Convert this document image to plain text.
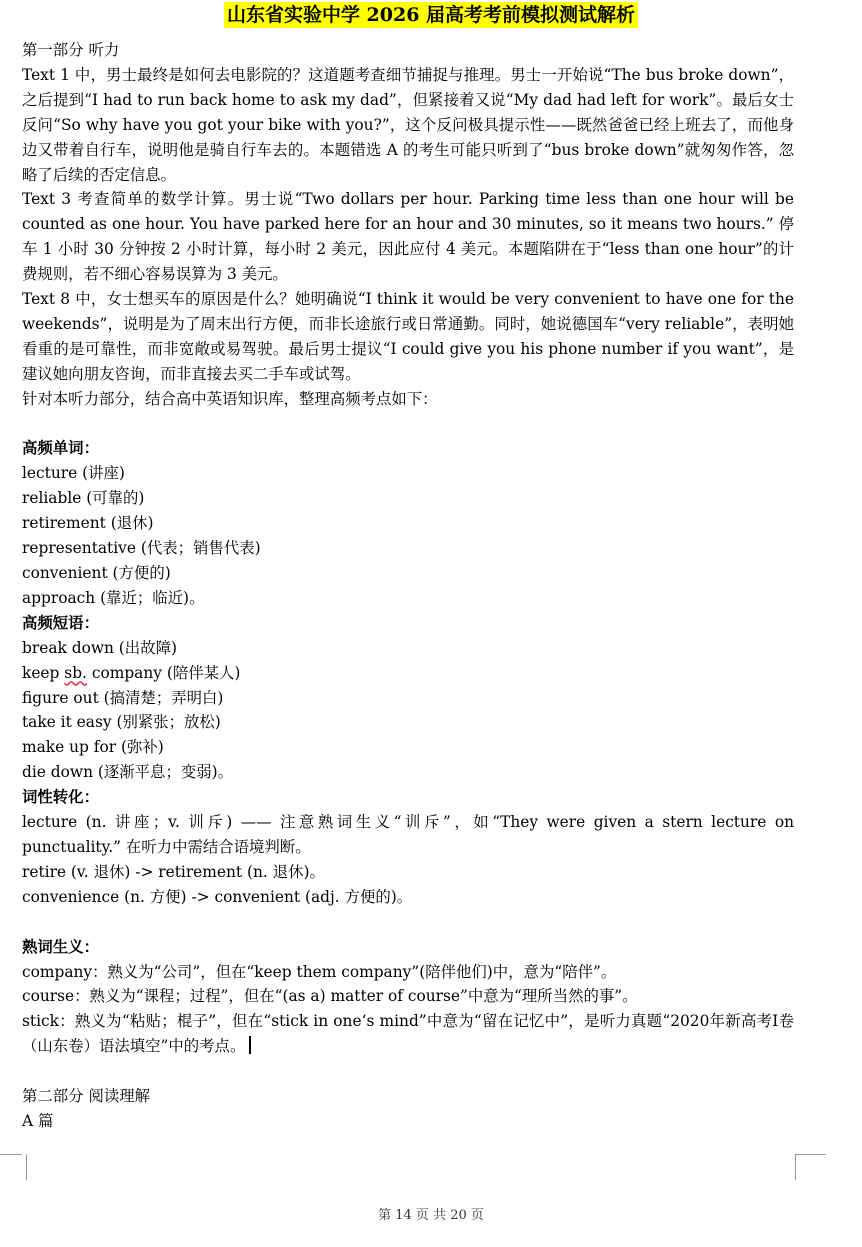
山东省实验中学 2026 届高考考前模拟测试解析

第一部分 听力

Text 1 中，男士最终是如何去电影院的？这道题考查细节捕捉与推理。男士一开始说“The bus broke down”，之后提到“I had to run back home to ask my dad”，但紧接着又说“My dad had left for work”。最后女士反问“So why have you got your bike with you?”，这个反问极具提示性——既然爸爸已经上班去了，而他身边又带着自行车，说明他是骑自行车去的。本题错选 A 的考生可能只听到了“bus broke down”就匆匆作答，忽略了后续的否定信息。

Text 3 考查简单的数学计算。男士说“Two dollars per hour. Parking time less than one hour will be counted as one hour. You have parked here for an hour and 30 minutes, so it means two hours.” 停车 1 小时 30 分钟按 2 小时计算，每小时 2 美元，因此应付 4 美元。本题陷阱在于“less than one hour”的计费规则，若不细心容易误算为 3 美元。

Text 8 中，女士想买车的原因是什么？她明确说“I think it would be very convenient to have one for the weekends”，说明是为了周末出行方便，而非长途旅行或日常通勤。同时，她说德国车“very reliable”，表明她看重的是可靠性，而非宽敞或易驾驶。最后男士提议“I could give you his phone number if you want”，是建议她向朋友咨询，而非直接去买二手车或试驾。

针对本听力部分，结合高中英语知识库，整理高频考点如下：

高频单词：

lecture (讲座)

reliable (可靠的)

retirement (退休)

representative (代表；销售代表)

convenient (方便的)

approach (靠近；临近)。

高频短语：

break down (出故障)

keep sb. company (陪伴某人)

figure out (搞清楚；弄明白)

take it easy (别紧张；放松)

make up for (弥补)

die down (逐渐平息；变弱)。

词性转化：

lecture (n. 讲座；v. 训斥) —— 注意熟词生义“训斥”，如“They were given a stern lecture on punctuality.” 在听力中需结合语境判断。

retire (v. 退休) -> retirement (n. 退休)。

convenience (n. 方便) -> convenient (adj. 方便的)。

熟词生义：

company：熟义为“公司”，但在“keep them company”(陪伴他们)中，意为“陪伴”。

course：熟义为“课程；过程”，但在“(as a) matter of course”中意为“理所当然的事”。

stick：熟义为“粘贴；棍子”，但在“stick in one‘s mind”中意为“留在记忆中”，是听力真题“2020年新高考I卷（山东卷）语法填空”中的考点。

第二部分 阅读理解

A 篇

第 14 页 共 20 页
